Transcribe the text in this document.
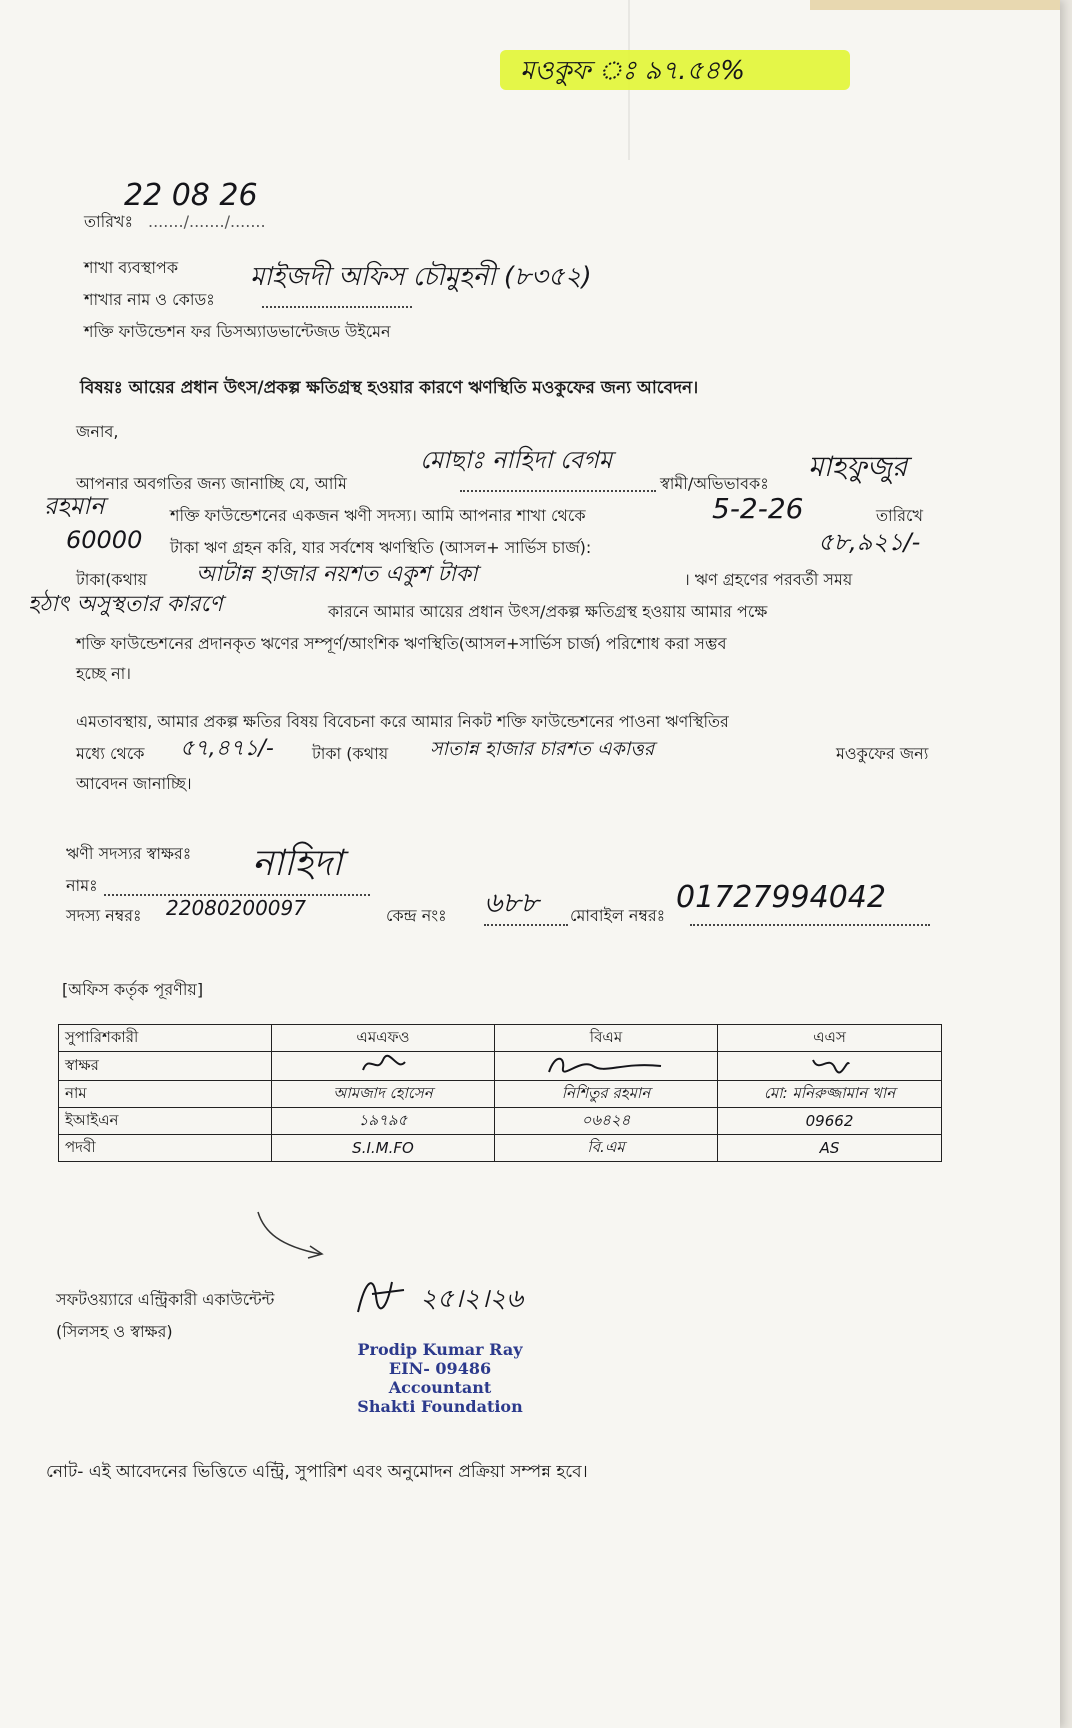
মওকুফ ঃ ৯৭.৫৪%
22 08 26
তারিখঃ ......./......./.......
শাখা ব্যবস্থাপক	মাইজদী অফিস চৌমুহনী (৮৩৫২)
শাখার নাম ও কোডঃ
শক্তি ফাউন্ডেশন ফর ডিসঅ্যাডভান্টেজড উইমেন
বিষয়ঃ আয়ের প্রধান উৎস/প্রকল্প ক্ষতিগ্রস্থ হওয়ার কারণে ঋণস্থিতি মওকুফের জন্য আবেদন।
জনাব,
মোছাঃ নাহিদা বেগম	মাহফুজুর
আপনার অবগতির জন্য জানাচ্ছি যে, আমি	স্বামী/অভিভাবকঃ
রহমান	শক্তি ফাউন্ডেশনের একজন ঋণী সদস্য। আমি আপনার শাখা থেকে	5-2-26	তারিখে
60000 টাকা ঋণ গ্রহন করি, যার সর্বশেষ ঋণস্থিতি (আসল+ সার্ভিস চার্জ):	৫৮,৯২১/-
টাকা(কথায় আটান্ন হাজার নয়শত একুশ টাকা	। ঋণ গ্রহণের পরবর্তী সময়
হঠাৎ অসুস্থতার কারণে	কারনে আমার আয়ের প্রধান উৎস/প্রকল্প ক্ষতিগ্রস্থ হওয়ায় আমার পক্ষে
শক্তি ফাউন্ডেশনের প্রদানকৃত ঋণের সম্পূর্ণ/আংশিক ঋণস্থিতি(আসল+সার্ভিস চার্জ) পরিশোধ করা সম্ভব
হচ্ছে না।
এমতাবস্থায়, আমার প্রকল্প ক্ষতির বিষয় বিবেচনা করে আমার নিকট শক্তি ফাউন্ডেশনের পাওনা ঋণস্থিতির
মধ্যে থেকে ৫৭,৪৭১/- টাকা (কথায় সাতান্ন হাজার চারশত একাত্তর	মওকুফের জন্য
আবেদন জানাচ্ছি।
ঋণী সদস্যর স্বাক্ষরঃ নাহিদা
নামঃ
সদস্য নম্বরঃ 22080200097	কেন্দ্র নংঃ ৬৮৮ মোবাইল নম্বরঃ
01727994042
[অফিস কর্তৃক পূরণীয়]
সুপারিশকারী	এমএফও	বিএম	এএস
স্বাক্ষর			
নাম	আমজাদ হোসেন	নিশিতুর রহমান	মো: মনিরুজ্জামান খান
ইআইএন	১৯৭৯৫	০৬৪২৪	09662
পদবী	S.I.M.FO	বি.এম	AS
সফটওয়্যারে এন্ট্রিকারী একাউন্টেন্ট
(সিলসহ ও স্বাক্ষর)
২৫।২।২৬
Prodip Kumar Ray
EIN- 09486
Accountant
Shakti Foundation
নোট- এই আবেদনের ভিত্তিতে এন্ট্রি, সুপারিশ এবং অনুমোদন প্রক্রিয়া সম্পন্ন হবে।
